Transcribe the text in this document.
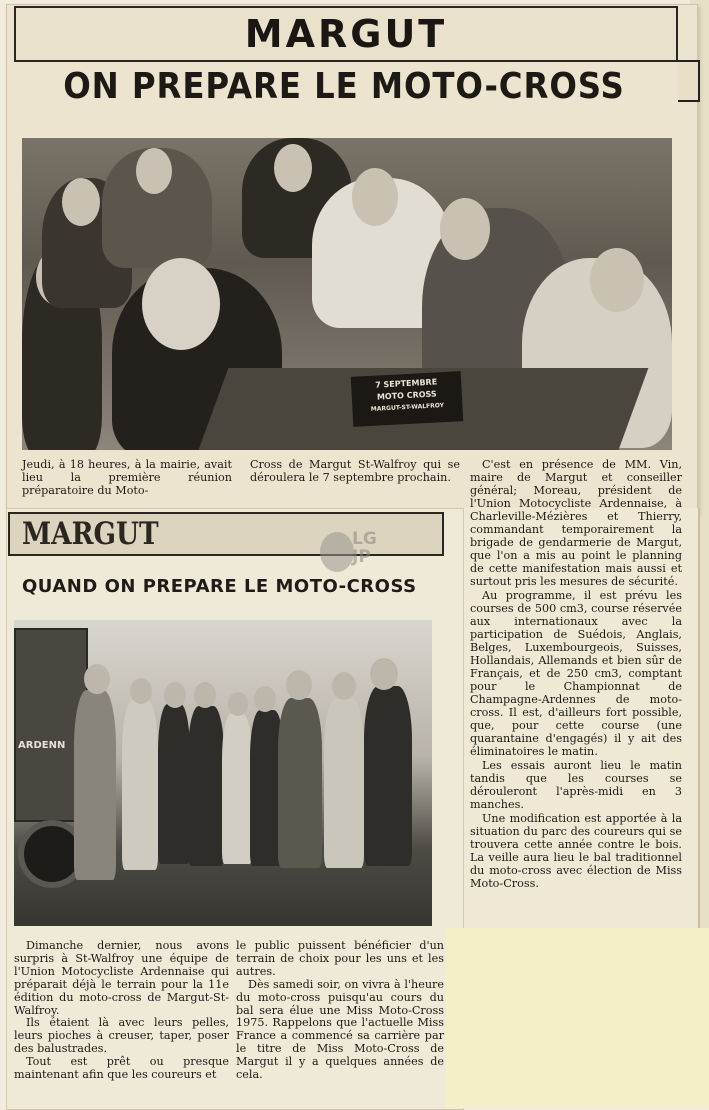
MARGUT
ON PREPARE LE MOTO-CROSS
7 SEPTEMBRE
MOTO CROSS
MARGUT-ST-WALFROY
Jeudi, à 18 heures, à la mairie, avait lieu la première réunion préparatoire du Moto-
Cross de Margut St-Walfroy qui se déroulera le 7 septembre prochain.

C'est en présence de MM. Vin, maire de Margut et conseiller général; Moreau, président de l'Union Motocycliste Ardennaise, à Charleville-Mézières et Thierry, commandant temporairement la brigade de gendarmerie de Margut, que l'on a mis au point le planning de cette manifestation mais aussi et surtout pris les mesures de sécurité.

Au programme, il est prévu les courses de 500 cm3, course réservée aux internationaux avec la participation de Suédois, Anglais, Belges, Luxembourgeois, Suisses, Hollandais, Allemands et bien sûr de Français, et de 250 cm3, comptant pour le Championnat de Champagne-Ardennes de moto-cross. Il est, d'ailleurs fort possible, que, pour cette course (une quarantaine d'engagés) il y ait des éliminatoires le matin.

Les essais auront lieu le matin tandis que les courses se dérouleront l'après-midi en 3 manches.

Une modification est apportée à la situation du parc des coureurs qui se trouvera cette année contre le bois. La veille aura lieu le bal traditionnel du moto-cross avec élection de Miss Moto-Cross.

MARGUT	LG
JP
QUAND ON PREPARE LE MOTO-CROSS
ARDENN

Dimanche dernier, nous avons surpris à St-Walfroy une équipe de l'Union Motocycliste Ardennaise qui préparait déjà le terrain pour la 11e édition du moto-cross de Margut-St-Walfroy.

Ils étaient là avec leurs pelles, leurs pioches à creuser, taper, poser des balustrades.

Tout est prêt ou presque maintenant afin que les coureurs et

le public puissent bénéficier d'un terrain de choix pour les uns et les autres.

Dès samedi soir, on vivra à l'heure du moto-cross puisqu'au cours du bal sera élue une Miss Moto-Cross 1975. Rappelons que l'actuelle Miss France a commencé sa carrière par le titre de Miss Moto-Cross de Margut il y a quelques années de cela.
